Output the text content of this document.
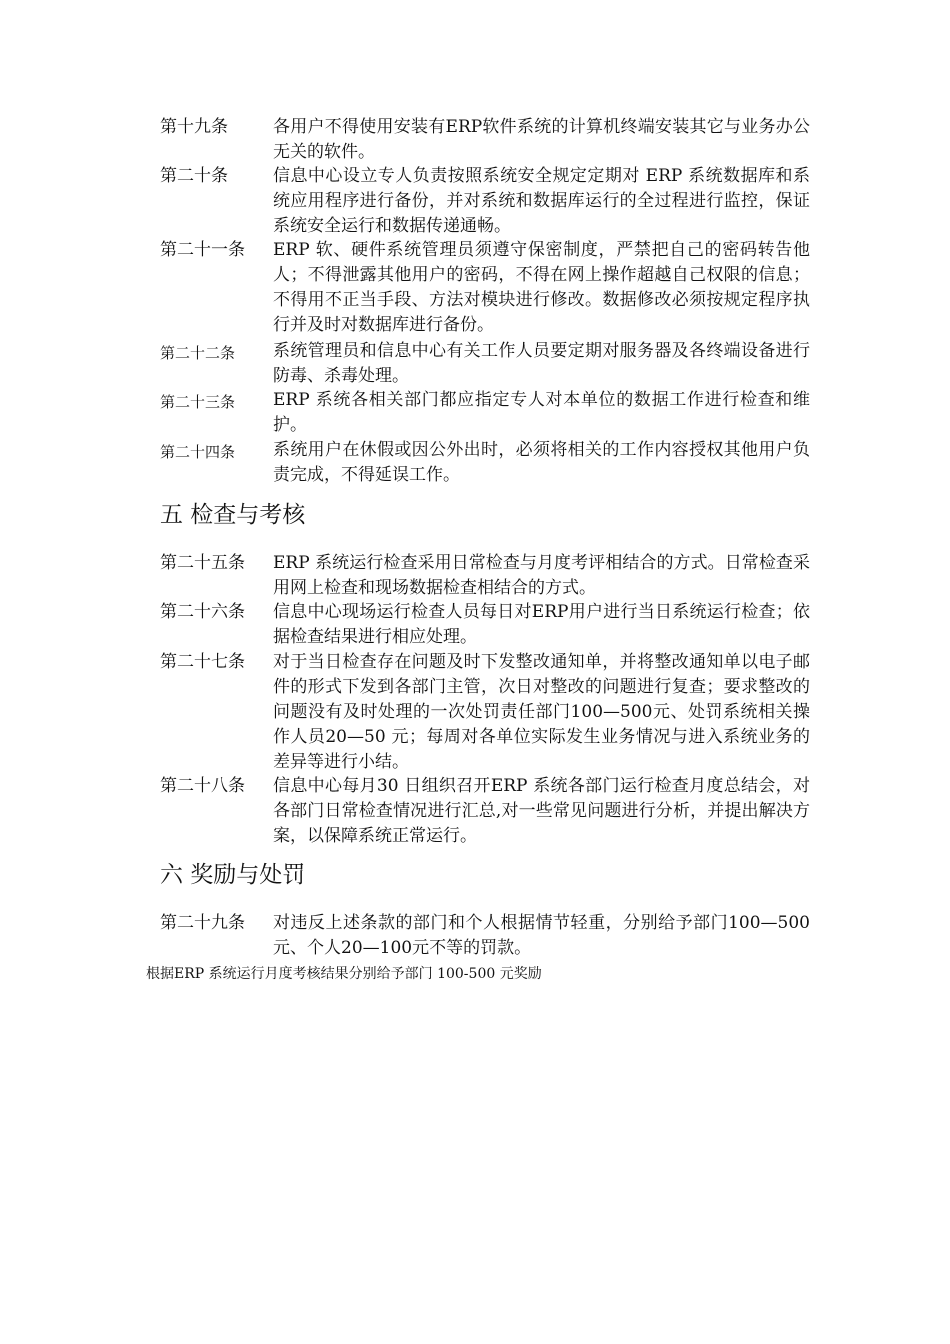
第十九条	各用户不得使用安装有ERP软件系统的计算机终端安装其它与业务办公无关的软件。
第二十条	信息中心设立专人负责按照系统安全规定定期对 ERP 系统数据库和系统应用程序进行备份，并对系统和数据库运行的全过程进行监控，保证系统安全运行和数据传递通畅。
第二十一条	ERP 软、硬件系统管理员须遵守保密制度，严禁把自己的密码转告他人；不得泄露其他用户的密码，不得在网上操作超越自己权限的信息；不得用不正当手段、方法对模块进行修改。数据修改必须按规定程序执行并及时对数据库进行备份。
第二十二条	系统管理员和信息中心有关工作人员要定期对服务器及各终端设备进行防毒、杀毒处理。
第二十三条	ERP 系统各相关部门都应指定专人对本单位的数据工作进行检查和维护。
第二十四条	系统用户在休假或因公外出时，必须将相关的工作内容授权其他用户负责完成，不得延误工作。
五 检查与考核
第二十五条	ERP 系统运行检查采用日常检查与月度考评相结合的方式。日常检查采用网上检查和现场数据检查相结合的方式。
第二十六条	信息中心现场运行检查人员每日对ERP用户进行当日系统运行检查；依据检查结果进行相应处理。
第二十七条	对于当日检查存在问题及时下发整改通知单，并将整改通知单以电子邮件的形式下发到各部门主管，次日对整改的问题进行复查；要求整改的问题没有及时处理的一次处罚责任部门100—500元、处罚系统相关操作人员20—50 元；每周对各单位实际发生业务情况与进入系统业务的差异等进行小结。
第二十八条	信息中心每月30 日组织召开ERP 系统各部门运行检查月度总结会，对各部门日常检查情况进行汇总,对一些常见问题进行分析，并提出解决方案，以保障系统正常运行。
六 奖励与处罚
第二十九条	对违反上述条款的部门和个人根据情节轻重，分别给予部门100—500元、个人20—100元不等的罚款。
根据ERP 系统运行月度考核结果分别给予部门 100-500 元奖励
